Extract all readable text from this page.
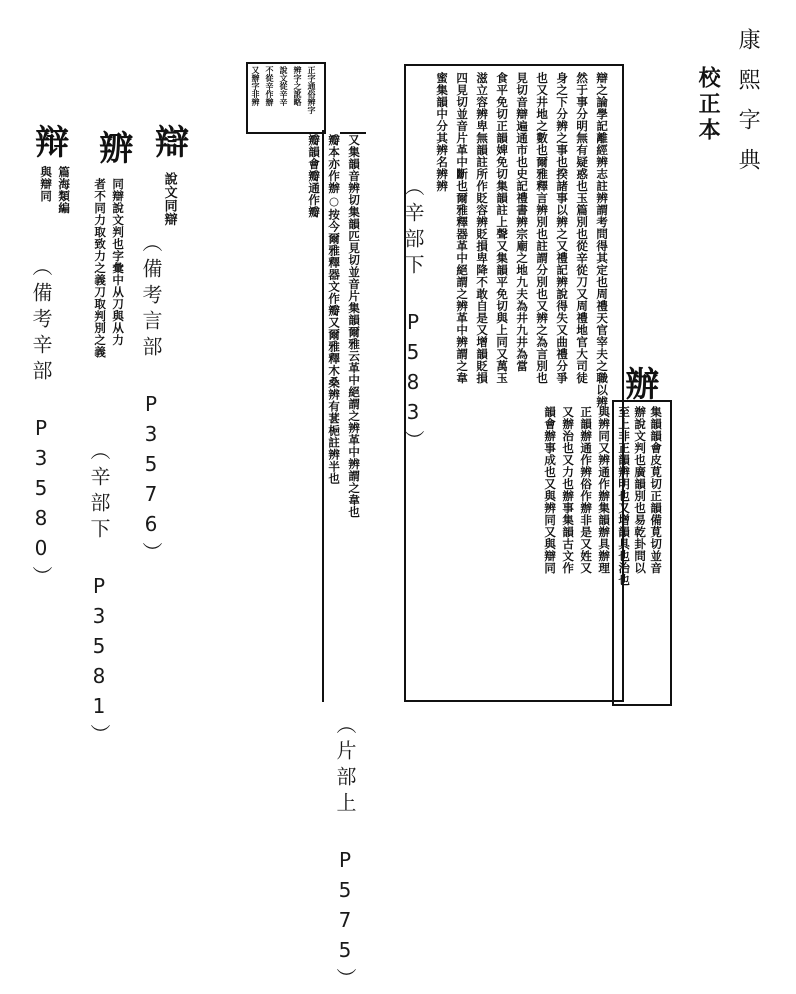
康熙字典
校正本
辦
集韻韻會皮莧切正韻備莧切並音
辦說文判也廣韻別也易乾卦問以
至上非正韻辨明也又增韻具也治也
與辨同又辨通作辦集韻辦具辦理
正韻辦通作辨俗作辦非是又姓又
又辦治也又力也辦事集韻古文作
韻會辦事成也又與辨同又與辯同
辯之論學記離經辨志註辨謂考問得其定也周禮天官宰夫之職以辨
然于事分明無有疑惑也玉篇別也從辛從刀又周禮地官大司徒
身之下分辨之事也揆諸事以辨之又禮記辨說得失又曲禮分爭
也又井地之數也爾雅釋言辨別也註謂分別也又辨之為言別也
見切音辯遍通市也史記禮書辨宗廟之地九夫為井九井為當
食平免切正韻婢免切集韻註上聲又集韻平免切與上同又萬玉
滋立容辨卑無韻註所作貶容辨貶損卑降不敢自是又增韻貶損
四見切並音片革中斷也爾雅釋器革中絕謂之辨革中辨謂之韋
蜜集韻中分其辨名辨辨
（辛部下 P583）
正字通俗辨字
辨字之訛略
說文從辛辛
不從辛作辦
又辦字非辨
又集韻音辨切集韻匹見切並音片集韻爾雅云革中絕謂之辨革中辨謂之韋也
瓣本亦作辦○按今爾雅釋器文作瓣又爾雅釋木桑辨有葚梔註辨半也
瓣韻會瓣通作瓣
（片部上 P575）
辯
說文同辯
（備考言部 P3576）
辧
同辯說文判也字彙中从刀與从力
者不同力取致力之義刀取判別之義
（辛部下 P3581）
辩
篇海類編
與辯同
（備考辛部 P3580）
